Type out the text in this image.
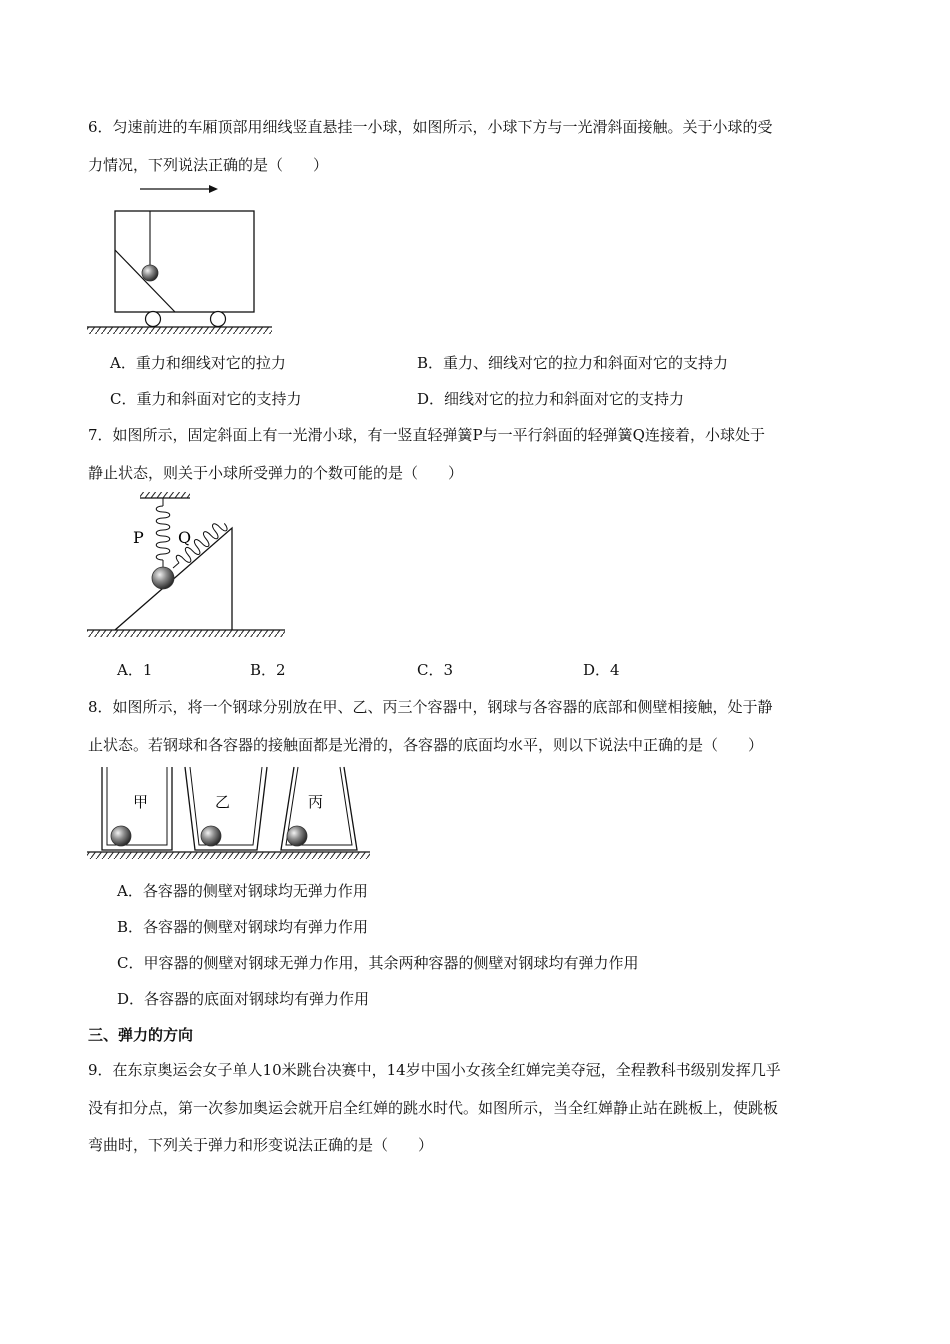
6．匀速前进的车厢顶部用细线竖直悬挂一小球，如图所示，小球下方与一光滑斜面接触。关于小球的受
力情况，下列说法正确的是（　　）
A．重力和细线对它的拉力	B．重力、细线对它的拉力和斜面对它的支持力
C．重力和斜面对它的支持力	D．细线对它的拉力和斜面对它的支持力
7．如图所示，固定斜面上有一光滑小球，有一竖直轻弹簧P与一平行斜面的轻弹簧Q连接着，小球处于
静止状态，则关于小球所受弹力的个数可能的是（　　）
P Q
A．1	B．2	C．3	D．4
8．如图所示，将一个钢球分别放在甲、乙、丙三个容器中，钢球与各容器的底部和侧壁相接触，处于静
止状态。若钢球和各容器的接触面都是光滑的，各容器的底面均水平，则以下说法中正确的是（　　）
甲	乙	丙
A．各容器的侧壁对钢球均无弹力作用
B．各容器的侧壁对钢球均有弹力作用
C．甲容器的侧壁对钢球无弹力作用，其余两种容器的侧壁对钢球均有弹力作用
D．各容器的底面对钢球均有弹力作用
三、弹力的方向
9．在东京奥运会女子单人10米跳台决赛中，14岁中国小女孩全红婵完美夺冠，全程教科书级别发挥几乎
没有扣分点，第一次参加奥运会就开启全红婵的跳水时代。如图所示，当全红婵静止站在跳板上，使跳板
弯曲时，下列关于弹力和形变说法正确的是（　　）
